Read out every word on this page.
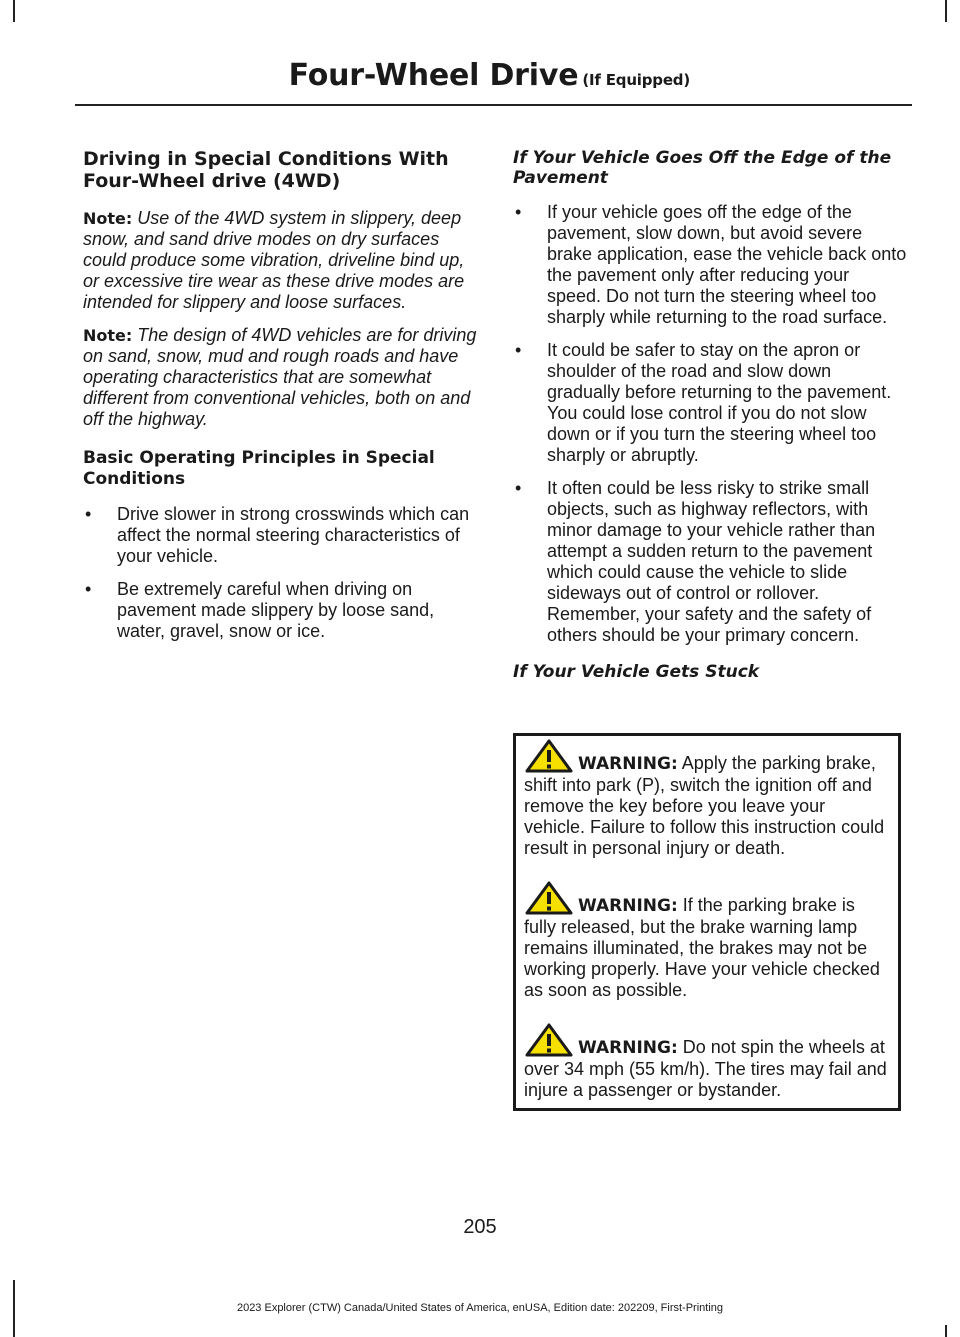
Four-Wheel Drive (If Equipped)
Driving in Special Conditions With Four-Wheel drive (4WD)

Note: Use of the 4WD system in slippery, deep snow, and sand drive modes on dry surfaces could produce some vibration, driveline bind up, or excessive tire wear as these drive modes are intended for slippery and loose surfaces.

Note: The design of 4WD vehicles are for driving on sand, snow, mud and rough roads and have operating characteristics that are somewhat different from conventional vehicles, both on and off the highway.

Basic Operating Principles in Special Conditions
• Drive slower in strong crosswinds which can affect the normal steering characteristics of your vehicle.
• Be extremely careful when driving on pavement made slippery by loose sand, water, gravel, snow or ice.
If Your Vehicle Goes Off the Edge of the Pavement
• If your vehicle goes off the edge of the pavement, slow down, but avoid severe brake application, ease the vehicle back onto the pavement only after reducing your speed. Do not turn the steering wheel too sharply while returning to the road surface.
• It could be safer to stay on the apron or shoulder of the road and slow down gradually before returning to the pavement. You could lose control if you do not slow down or if you turn the steering wheel too sharply or abruptly.
• It often could be less risky to strike small objects, such as highway reflectors, with minor damage to your vehicle rather than attempt a sudden return to the pavement which could cause the vehicle to slide sideways out of control or rollover. Remember, your safety and the safety of others should be your primary concern.
If Your Vehicle Gets Stuck
WARNING: Apply the parking brake, shift into park (P), switch the ignition off and remove the key before you leave your vehicle. Failure to follow this instruction could result in personal injury or death.
WARNING: If the parking brake is fully released, but the brake warning lamp remains illuminated, the brakes may not be working properly. Have your vehicle checked as soon as possible.
WARNING: Do not spin the wheels at over 34 mph (55 km/h). The tires may fail and injure a passenger or bystander.
205
2023 Explorer (CTW) Canada/United States of America, enUSA, Edition date: 202209, First-Printing
